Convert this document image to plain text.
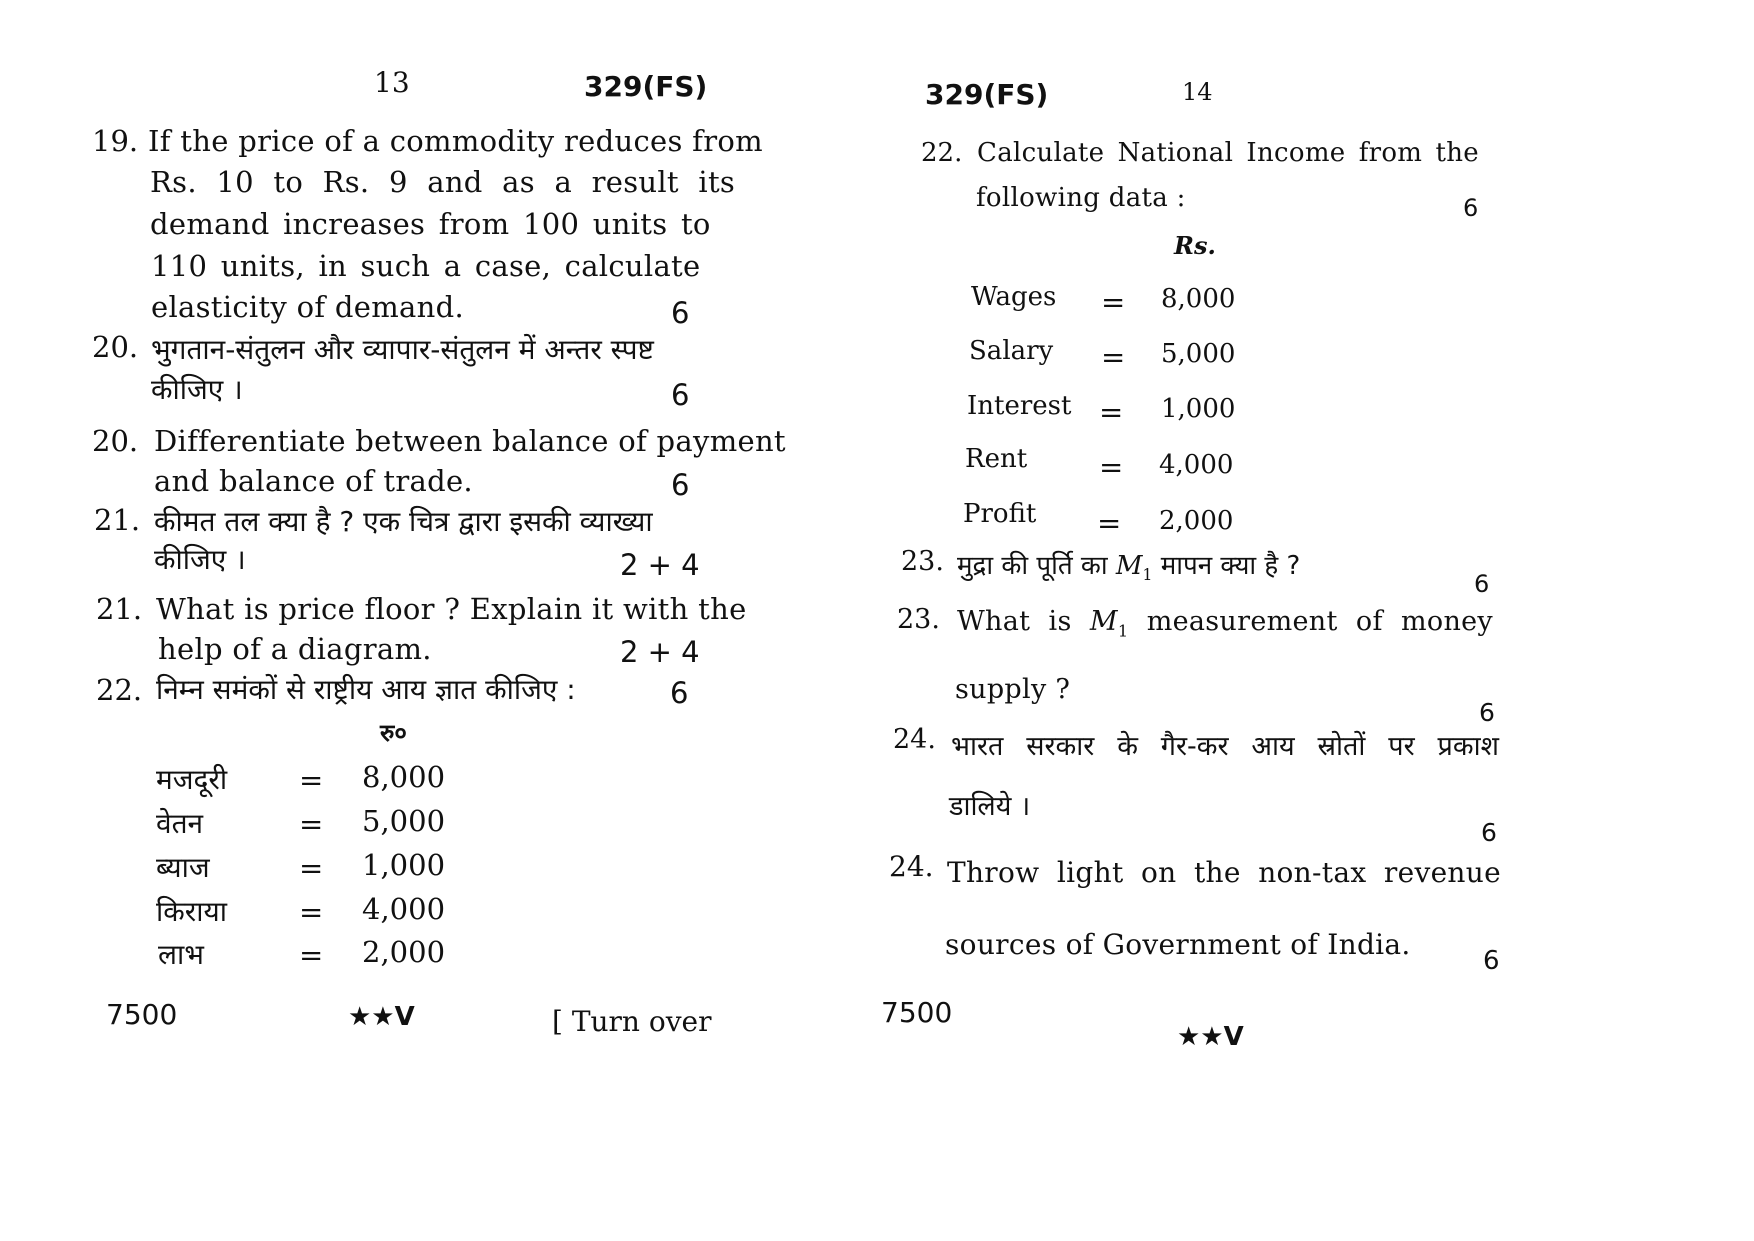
13	329(FS)
19. If the price of a commodity reduces from
Rs. 10 to Rs. 9 and as a result its
demand increases from 100 units to
110 units, in such a case, calculate
elasticity of demand.	6
20. भुगतान-संतुलन और व्यापार-संतुलन में अन्तर स्पष्ट
कीजिए ।	6
20. Differentiate between balance of payment
and balance of trade.	6
21. कीमत तल क्या है ? एक चित्र द्वारा इसकी व्याख्या
कीजिए ।	2 + 4
21. What is price floor ? Explain it with the
help of a diagram.	2 + 4
22. निम्न समंकों से राष्ट्रीय आय ज्ञात कीजिए :	6
रु०
मजदूरी = 8,000
वेतन	= 5,000
ब्याज	= 1,000
किराया = 4,000
लाभ	= 2,000
7500	★★V	[ Turn over
329(FS)	14
22. Calculate National Income from the
following data :	6
Rs.
Wages = 8,000
Salary = 5,000
Interest = 1,000
Rent = 4,000
Profit = 2,000
23. मुद्रा की पूर्ति का $M_1$ मापन क्या है ?
6
23. What is $M_1$ measurement of money
supply ?
6
24. भारत सरकार के गैर-कर आय स्रोतों पर प्रकाश
डालिये ।
6
24. Throw light on the non-tax revenue
sources of Government of India.	6
7500
★★V
